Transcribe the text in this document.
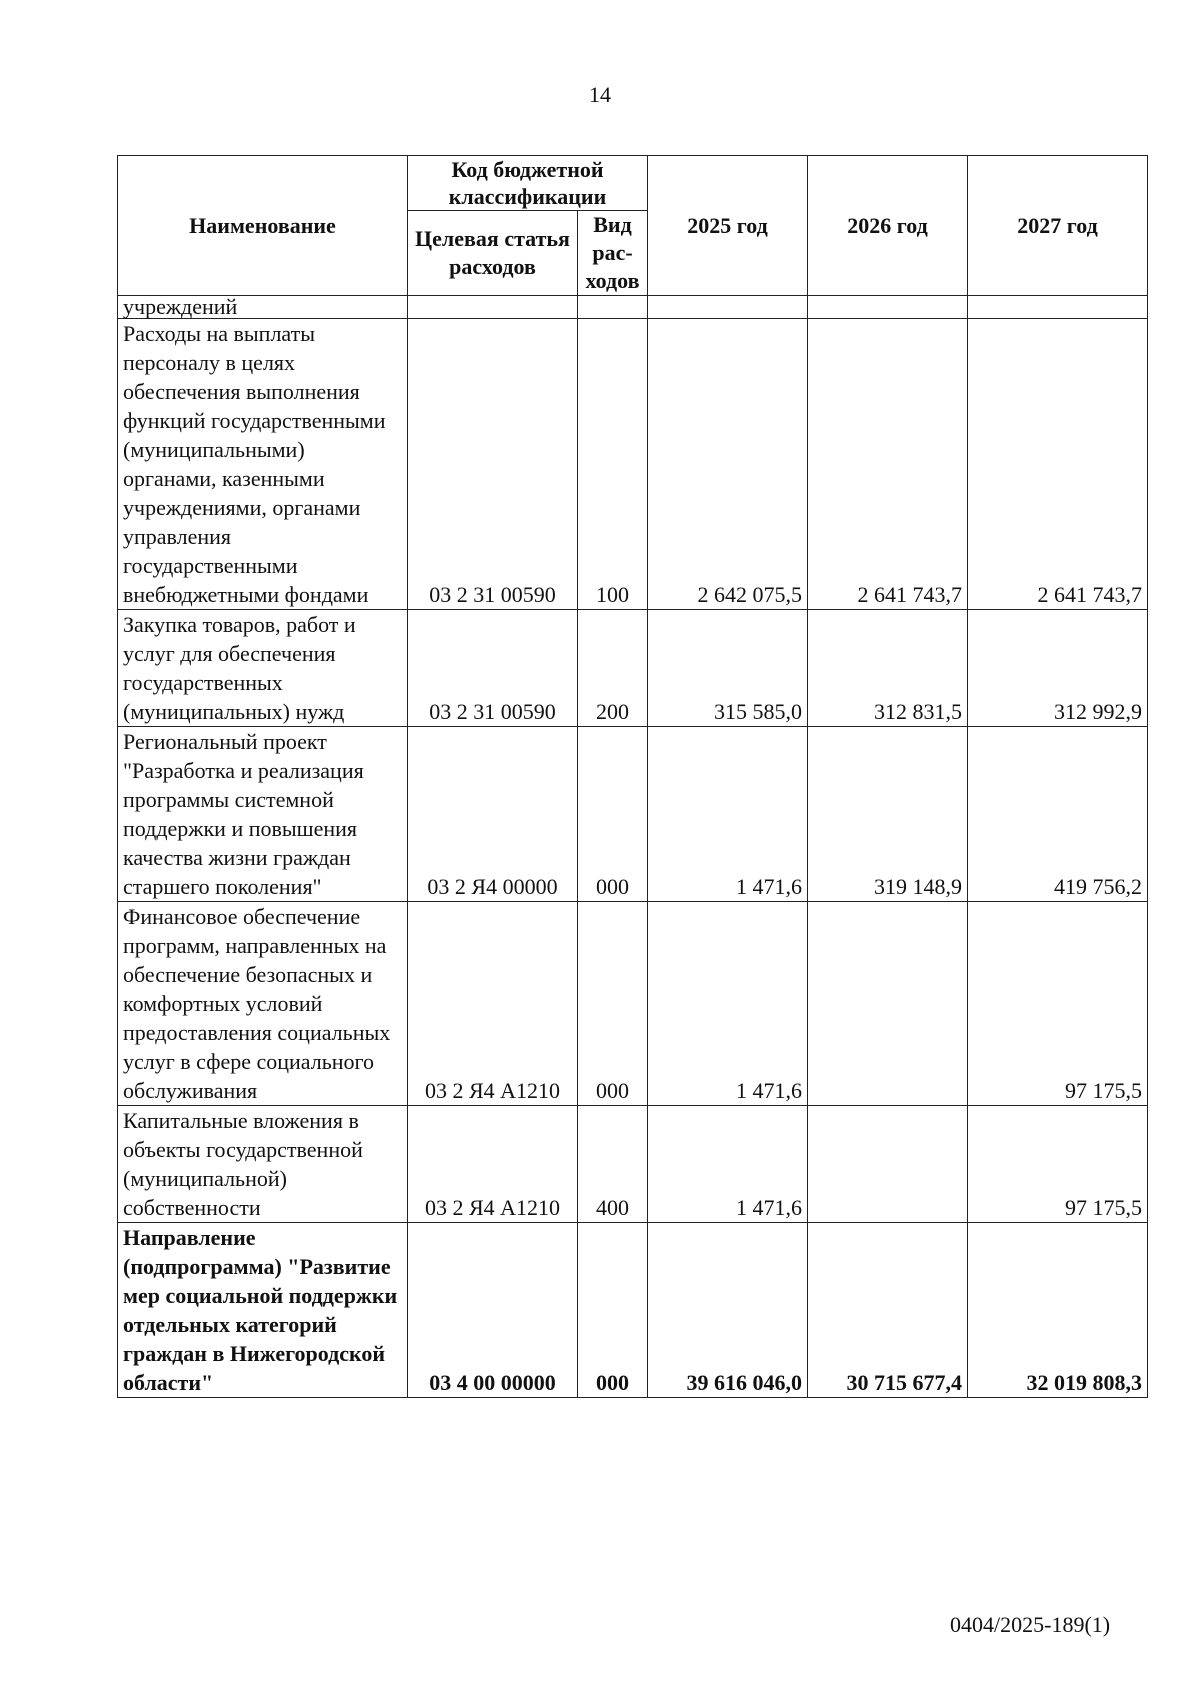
14
Наименование	Код бюджетной классификации		2025 год	2026 год	2027 год
	Целевая статья расходов	Вид рас- ходов			
учреждений					
Расходы на выплаты персоналу в целях обеспечения выполнения функций государственными (муниципальными) органами, казенными учреждениями, органами управления государственными внебюджетными фондами	03 2 31 00590	100	2 642 075,5	2 641 743,7	2 641 743,7
Закупка товаров, работ и услуг для обеспечения государственных (муниципальных) нужд	03 2 31 00590	200	315 585,0	312 831,5	312 992,9
Региональный проект "Разработка и реализация программы системной поддержки и повышения качества жизни граждан старшего поколения"	03 2 Я4 00000	000	1 471,6	319 148,9	419 756,2
Финансовое обеспечение программ, направленных на обеспечение безопасных и комфортных условий предоставления социальных услуг в сфере социального обслуживания	03 2 Я4 А1210	000	1 471,6		97 175,5
Капитальные вложения в объекты государственной (муниципальной) собственности	03 2 Я4 А1210	400	1 471,6		97 175,5
Направление (подпрограмма) "Развитие мер социальной поддержки отдельных категорий граждан в Нижегородской области"	03 4 00 00000	000	39 616 046,0	30 715 677,4	32 019 808,3
0404/2025-189(1)
